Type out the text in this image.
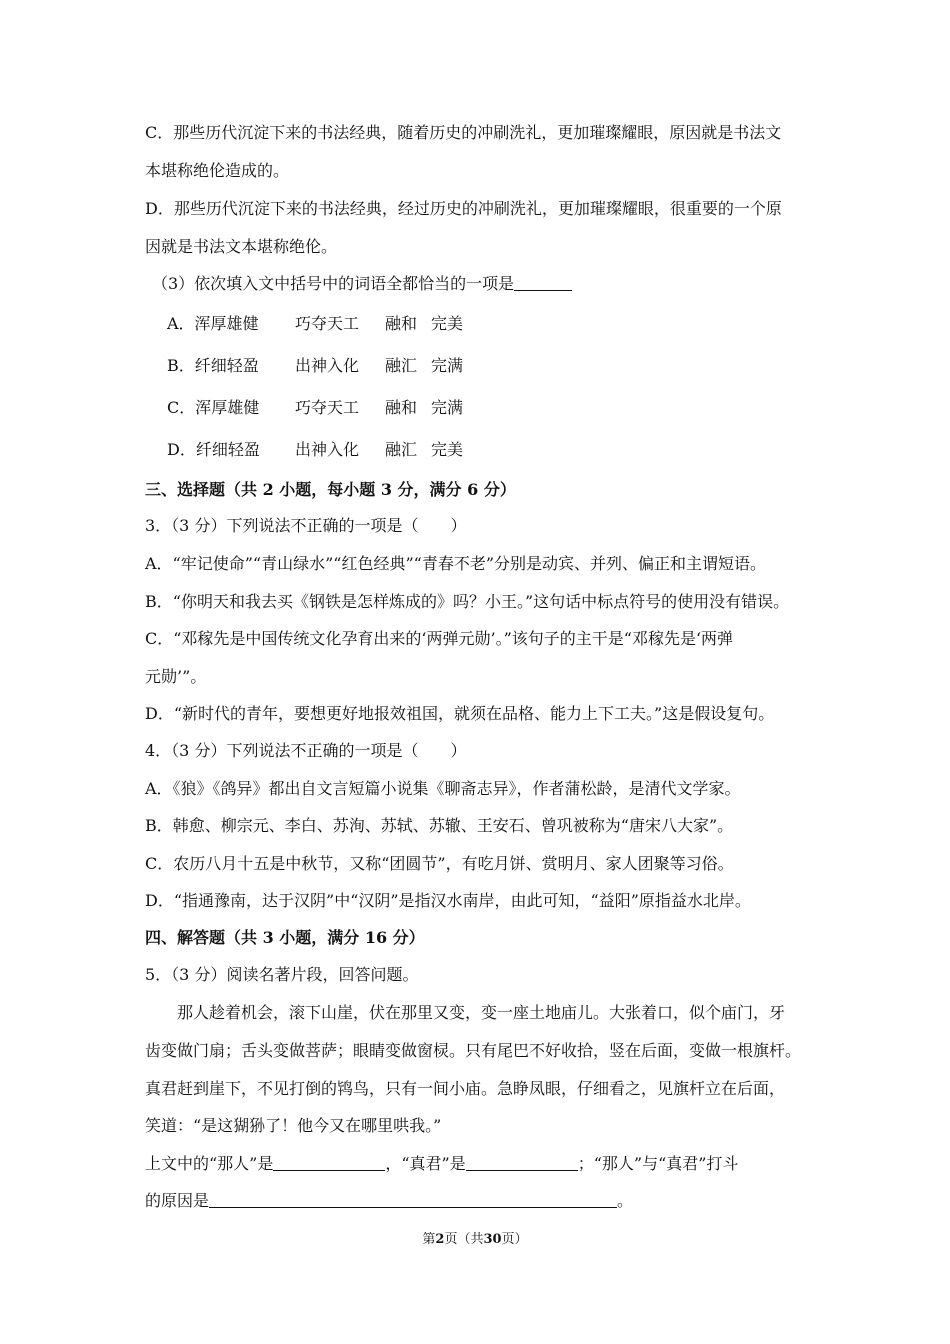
C．那些历代沉淀下来的书法经典，随着历史的冲刷洗礼，更加璀璨耀眼，原因就是书法文
本堪称绝伦造成的。
D．那些历代沉淀下来的书法经典，经过历史的冲刷洗礼，更加璀璨耀眼，很重要的一个原
因就是书法文本堪称绝伦。
（3）依次填入文中括号中的词语全都恰当的一项是
A．浑厚雄健 巧夺天工 融和 完美
B．纤细轻盈 出神入化 融汇 完满
C．浑厚雄健 巧夺天工 融和 完满
D．纤细轻盈 出神入化 融汇 完美
三、选择题（共 2 小题，每小题 3 分，满分 6 分）
3．（3 分）下列说法不正确的一项是（　　）
A．“牢记使命”“青山绿水”“红色经典”“青春不老”分别是动宾、并列、偏正和主谓短语。
B．“你明天和我去买《钢铁是怎样炼成的》吗？小王。”这句话中标点符号的使用没有错误。
C．“邓稼先是中国传统文化孕育出来的‘两弹元勋’。”该句子的主干是“邓稼先是‘两弹
元勋’”。
D．“新时代的青年，要想更好地报效祖国，就须在品格、能力上下工夫。”这是假设复句。
4．（3 分）下列说法不正确的一项是（　　）
A．《狼》《鸽异》都出自文言短篇小说集《聊斋志异》，作者蒲松龄，是清代文学家。
B．韩愈、柳宗元、李白、苏洵、苏轼、苏辙、王安石、曾巩被称为“唐宋八大家”。
C．农历八月十五是中秋节，又称“团圆节”，有吃月饼、赏明月、家人团聚等习俗。
D．“指通豫南，达于汉阴”中“汉阴”是指汉水南岸，由此可知，“益阳”原指益水北岸。
四、解答题（共 3 小题，满分 16 分）
5．（3 分）阅读名著片段，回答问题。
那人趁着机会，滚下山崖，伏在那里又变，变一座土地庙儿。大张着口，似个庙门，牙
齿变做门扇；舌头变做菩萨；眼睛变做窗棂。只有尾巴不好收拾，竖在后面，变做一根旗杆。
真君赶到崖下，不见打倒的鸨鸟，只有一间小庙。急睁凤眼，仔细看之，见旗杆立在后面，
笑道：“是这猢狲了！他今又在哪里哄我。”
上文中的“那人”是	，“真君”是	；“那人”与“真君”打斗
的原因是	。
第2页（共30页）
